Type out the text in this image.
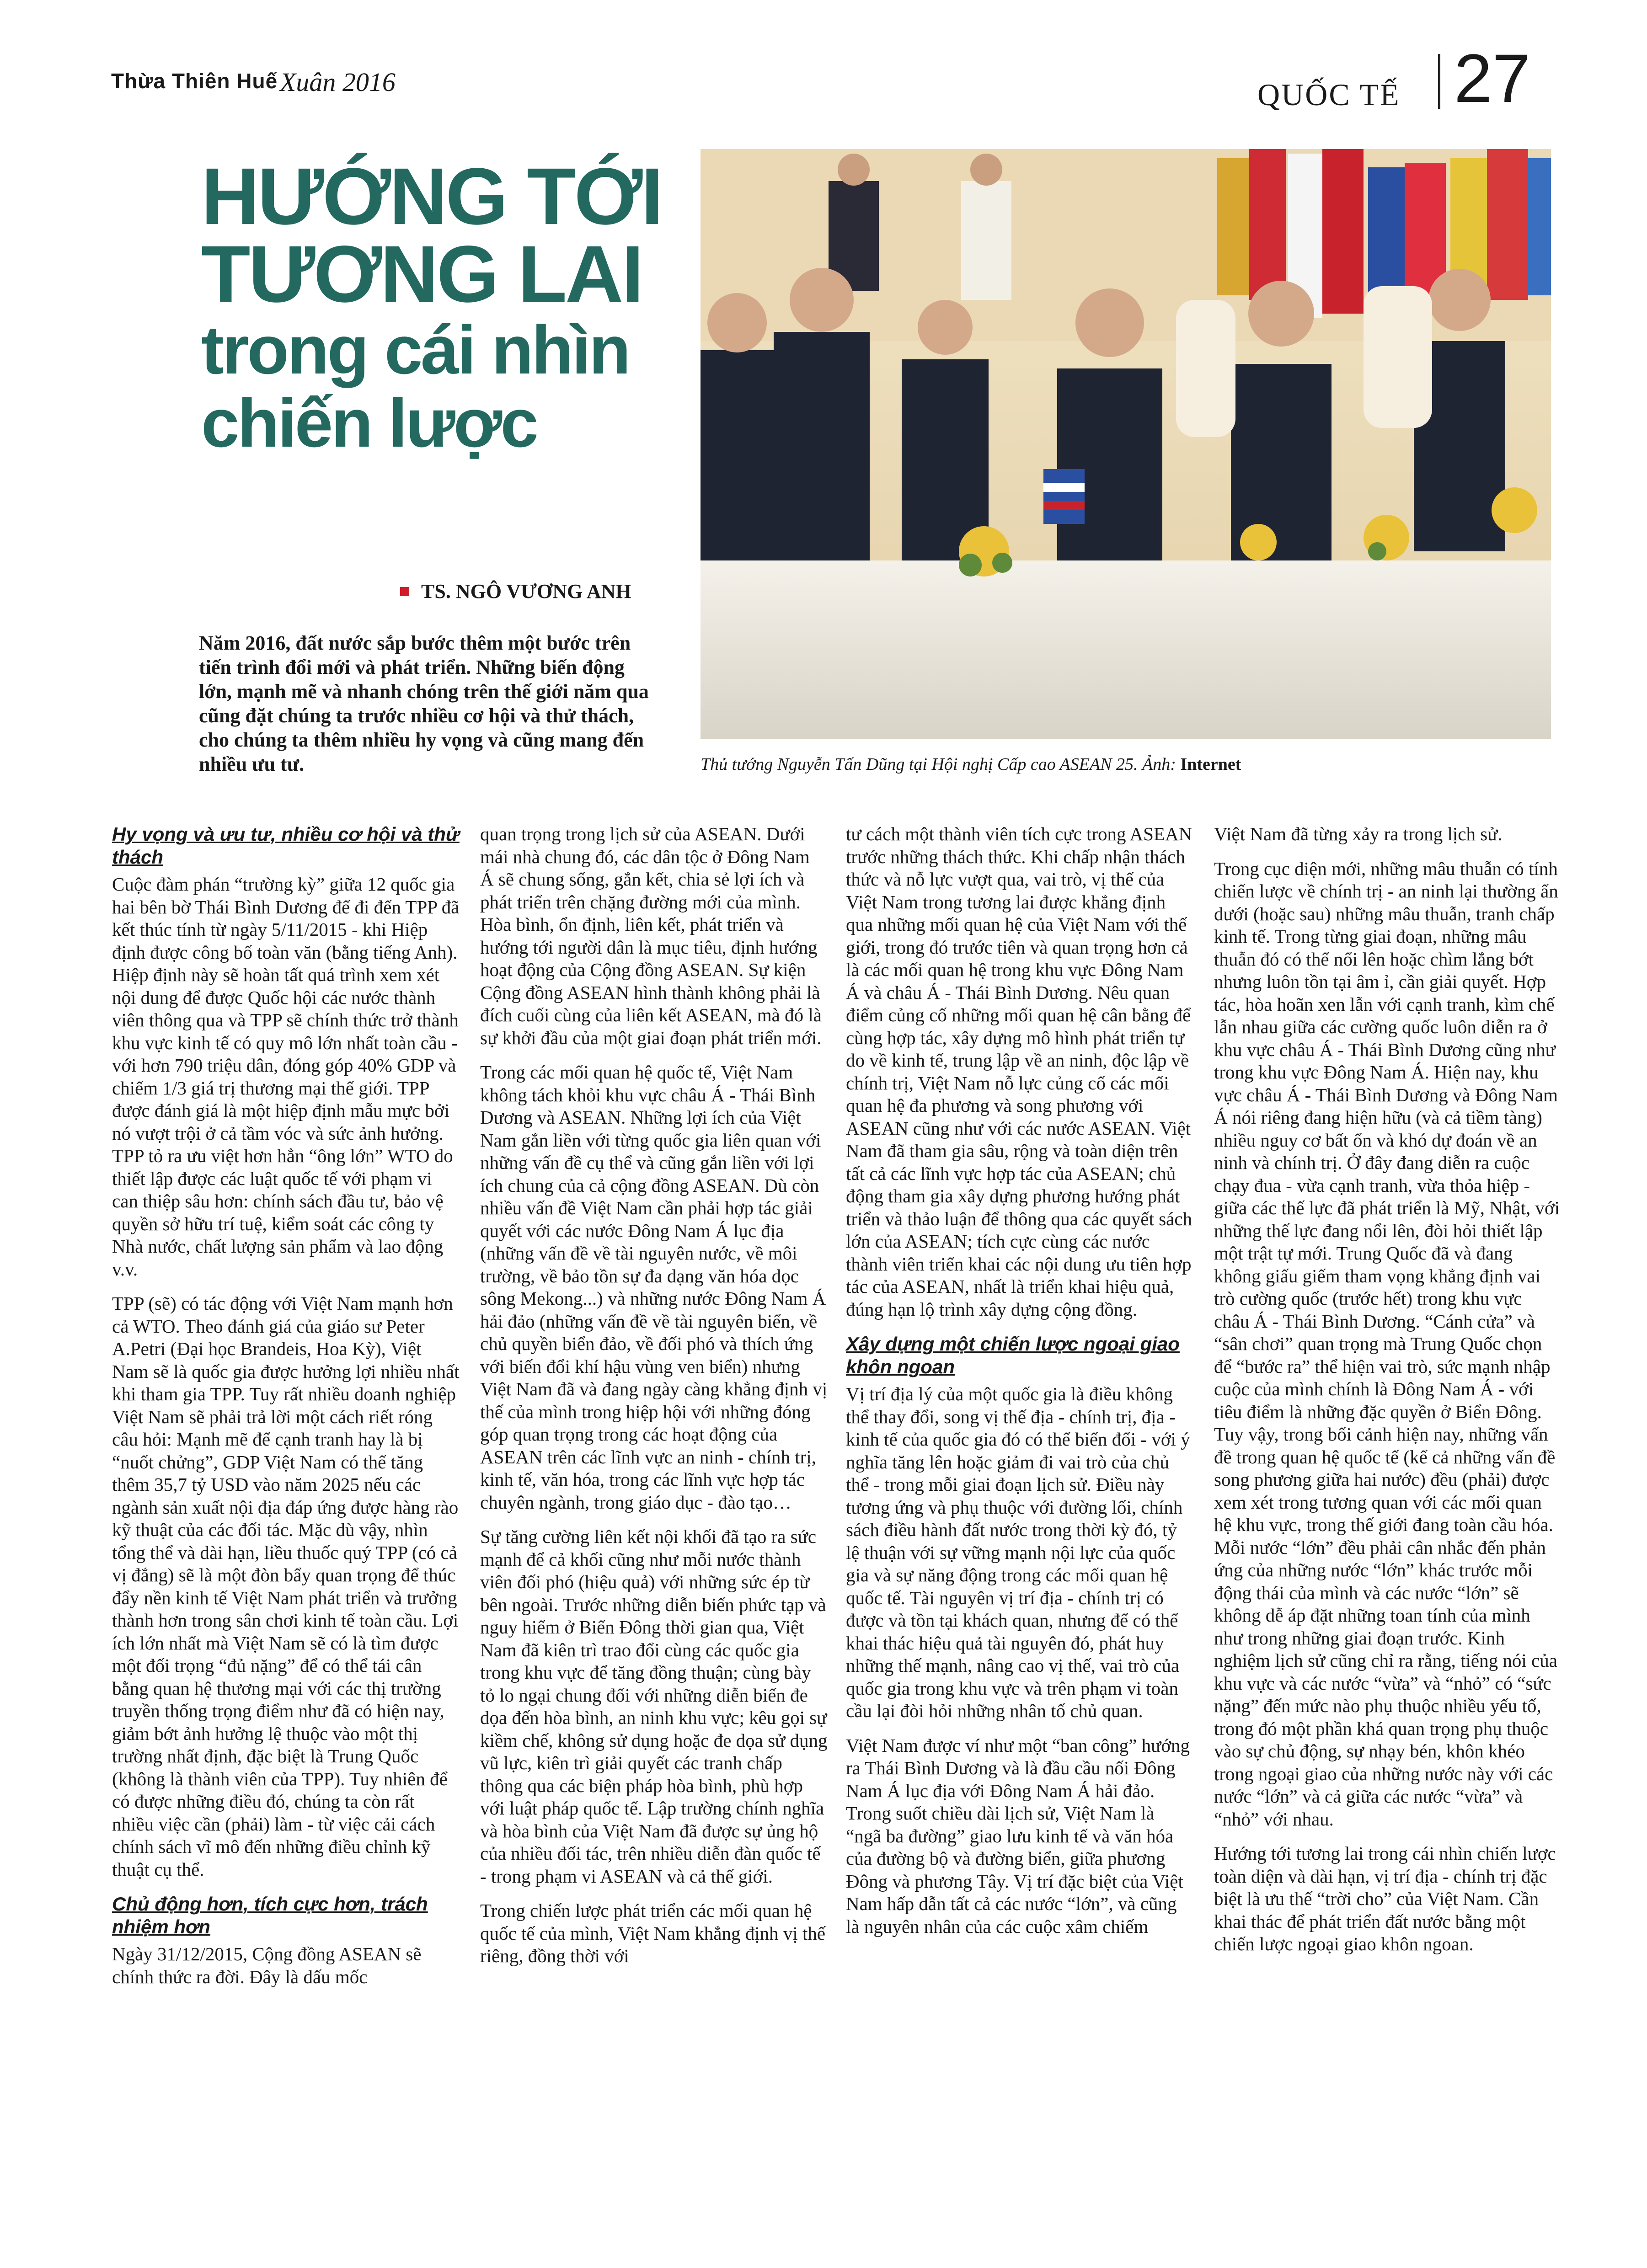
Thừa Thiên Huế Xuân 2016	QUỐC TẾ 27
HƯỚNG TỚI
TƯƠNG LAI
trong cái nhìn
chiến lược
TS. NGÔ VƯƠNG ANH
Năm 2016, đất nước sắp bước thêm một bước trên tiến trình đổi mới và phát triển. Những biến động lớn, mạnh mẽ và nhanh chóng trên thế giới năm qua cũng đặt chúng ta trước nhiều cơ hội và thử thách, cho chúng ta thêm nhiều hy vọng và cũng mang đến nhiều ưu tư.	Thủ tướng Nguyễn Tấn Dũng tại Hội nghị Cấp cao ASEAN 25. Ảnh: Internet
Hy vọng và ưu tư, nhiều cơ hội và thử thách

Cuộc đàm phán “trường kỳ” giữa 12 quốc gia hai bên bờ Thái Bình Dương để đi đến TPP đã kết thúc tính từ ngày 5/11/2015 - khi Hiệp định được công bố toàn văn (bằng tiếng Anh). Hiệp định này sẽ hoàn tất quá trình xem xét nội dung để được Quốc hội các nước thành viên thông qua và TPP sẽ chính thức trở thành khu vực kinh tế có quy mô lớn nhất toàn cầu - với hơn 790 triệu dân, đóng góp 40% GDP và chiếm 1/3 giá trị thương mại thế giới. TPP được đánh giá là một hiệp định mẫu mực bởi nó vượt trội ở cả tầm vóc và sức ảnh hưởng. TPP tỏ ra ưu việt hơn hẳn “ông lớn” WTO do thiết lập được các luật quốc tế với phạm vi can thiệp sâu hơn: chính sách đầu tư, bảo vệ quyền sở hữu trí tuệ, kiểm soát các công ty Nhà nước, chất lượng sản phẩm và lao động v.v.

TPP (sẽ) có tác động với Việt Nam mạnh hơn cả WTO. Theo đánh giá của giáo sư Peter A.Petri (Đại học Brandeis, Hoa Kỳ), Việt Nam sẽ là quốc gia được hưởng lợi nhiều nhất khi tham gia TPP. Tuy rất nhiều doanh nghiệp Việt Nam sẽ phải trả lời một cách riết róng câu hỏi: Mạnh mẽ để cạnh tranh hay là bị “nuốt chửng”, GDP Việt Nam có thể tăng thêm 35,7 tỷ USD vào năm 2025 nếu các ngành sản xuất nội địa đáp ứng được hàng rào kỹ thuật của các đối tác. Mặc dù vậy, nhìn tổng thể và dài hạn, liều thuốc quý TPP (có cả vị đắng) sẽ là một đòn bẩy quan trọng để thúc đẩy nền kinh tế Việt Nam phát triển và trưởng thành hơn trong sân chơi kinh tế toàn cầu. Lợi ích lớn nhất mà Việt Nam sẽ có là tìm được một đối trọng “đủ nặng” để có thể tái cân bằng quan hệ thương mại với các thị trường truyền thống trọng điểm như đã có hiện nay, giảm bớt ảnh hưởng lệ thuộc vào một thị trường nhất định, đặc biệt là Trung Quốc (không là thành viên của TPP). Tuy nhiên để có được những điều đó, chúng ta còn rất nhiều việc cần (phải) làm - từ việc cải cách chính sách vĩ mô đến những điều chỉnh kỹ thuật cụ thể.

Chủ động hơn, tích cực hơn, trách nhiệm hơn

Ngày 31/12/2015, Cộng đồng ASEAN sẽ chính thức ra đời. Đây là dấu mốc

quan trọng trong lịch sử của ASEAN. Dưới mái nhà chung đó, các dân tộc ở Đông Nam Á sẽ chung sống, gắn kết, chia sẻ lợi ích và phát triển trên chặng đường mới của mình. Hòa bình, ổn định, liên kết, phát triển và hướng tới người dân là mục tiêu, định hướng hoạt động của Cộng đồng ASEAN. Sự kiện Cộng đồng ASEAN hình thành không phải là đích cuối cùng của liên kết ASEAN, mà đó là sự khởi đầu của một giai đoạn phát triển mới.

Trong các mối quan hệ quốc tế, Việt Nam không tách khỏi khu vực châu Á - Thái Bình Dương và ASEAN. Những lợi ích của Việt Nam gắn liền với từng quốc gia liên quan với những vấn đề cụ thể và cũng gắn liền với lợi ích chung của cả cộng đồng ASEAN. Dù còn nhiều vấn đề Việt Nam cần phải hợp tác giải quyết với các nước Đông Nam Á lục địa (những vấn đề về tài nguyên nước, về môi trường, về bảo tồn sự đa dạng văn hóa dọc sông Mekong...) và những nước Đông Nam Á hải đảo (những vấn đề về tài nguyên biển, về chủ quyền biển đảo, về đối phó và thích ứng với biến đổi khí hậu vùng ven biển) nhưng Việt Nam đã và đang ngày càng khẳng định vị thế của mình trong hiệp hội với những đóng góp quan trọng trong các hoạt động của ASEAN trên các lĩnh vực an ninh - chính trị, kinh tế, văn hóa, trong các lĩnh vực hợp tác chuyên ngành, trong giáo dục - đào tạo…

Sự tăng cường liên kết nội khối đã tạo ra sức mạnh để cả khối cũng như mỗi nước thành viên đối phó (hiệu quả) với những sức ép từ bên ngoài. Trước những diễn biến phức tạp và nguy hiểm ở Biển Đông thời gian qua, Việt Nam đã kiên trì trao đổi cùng các quốc gia trong khu vực để tăng đồng thuận; cùng bày tỏ lo ngại chung đối với những diễn biến đe dọa đến hòa bình, an ninh khu vực; kêu gọi sự kiềm chế, không sử dụng hoặc đe dọa sử dụng vũ lực, kiên trì giải quyết các tranh chấp thông qua các biện pháp hòa bình, phù hợp với luật pháp quốc tế. Lập trường chính nghĩa và hòa bình của Việt Nam đã được sự ủng hộ của nhiều đối tác, trên nhiều diễn đàn quốc tế - trong phạm vi ASEAN và cả thế giới.

Trong chiến lược phát triển các mối quan hệ quốc tế của mình, Việt Nam khẳng định vị thế riêng, đồng thời với

tư cách một thành viên tích cực trong ASEAN trước những thách thức. Khi chấp nhận thách thức và nỗ lực vượt qua, vai trò, vị thế của Việt Nam trong tương lai được khẳng định qua những mối quan hệ của Việt Nam với thế giới, trong đó trước tiên và quan trọng hơn cả là các mối quan hệ trong khu vực Đông Nam Á và châu Á - Thái Bình Dương. Nêu quan điểm củng cố những mối quan hệ cân bằng để cùng hợp tác, xây dựng mô hình phát triển tự do về kinh tế, trung lập về an ninh, độc lập về chính trị, Việt Nam nỗ lực củng cố các mối quan hệ đa phương và song phương với ASEAN cũng như với các nước ASEAN. Việt Nam đã tham gia sâu, rộng và toàn diện trên tất cả các lĩnh vực hợp tác của ASEAN; chủ động tham gia xây dựng phương hướng phát triển và thảo luận để thông qua các quyết sách lớn của ASEAN; tích cực cùng các nước thành viên triển khai các nội dung ưu tiên hợp tác của ASEAN, nhất là triển khai hiệu quả, đúng hạn lộ trình xây dựng cộng đồng.

Xây dựng một chiến lược ngoại giao khôn ngoan

Vị trí địa lý của một quốc gia là điều không thể thay đổi, song vị thế địa - chính trị, địa - kinh tế của quốc gia đó có thể biến đổi - với ý nghĩa tăng lên hoặc giảm đi vai trò của chủ thể - trong mỗi giai đoạn lịch sử. Điều này tương ứng và phụ thuộc với đường lối, chính sách điều hành đất nước trong thời kỳ đó, tỷ lệ thuận với sự vững mạnh nội lực của quốc gia và sự năng động trong các mối quan hệ quốc tế. Tài nguyên vị trí địa - chính trị có được và tồn tại khách quan, nhưng để có thể khai thác hiệu quả tài nguyên đó, phát huy những thế mạnh, nâng cao vị thế, vai trò của quốc gia trong khu vực và trên phạm vi toàn cầu lại đòi hỏi những nhân tố chủ quan.

Việt Nam được ví như một “ban công” hướng ra Thái Bình Dương và là đầu cầu nối Đông Nam Á lục địa với Đông Nam Á hải đảo. Trong suốt chiều dài lịch sử, Việt Nam là “ngã ba đường” giao lưu kinh tế và văn hóa của đường bộ và đường biển, giữa phương Đông và phương Tây. Vị trí đặc biệt của Việt Nam hấp dẫn tất cả các nước “lớn”, và cũng là nguyên nhân của các cuộc xâm chiếm

Việt Nam đã từng xảy ra trong lịch sử.

Trong cục diện mới, những mâu thuẫn có tính chiến lược về chính trị - an ninh lại thường ẩn dưới (hoặc sau) những mâu thuẫn, tranh chấp kinh tế. Trong từng giai đoạn, những mâu thuẫn đó có thể nổi lên hoặc chìm lắng bớt nhưng luôn tồn tại âm ỉ, cần giải quyết. Hợp tác, hòa hoãn xen lẫn với cạnh tranh, kìm chế lẫn nhau giữa các cường quốc luôn diễn ra ở khu vực châu Á - Thái Bình Dương cũng như trong khu vực Đông Nam Á. Hiện nay, khu vực châu Á - Thái Bình Dương và Đông Nam Á nói riêng đang hiện hữu (và cả tiềm tàng) nhiều nguy cơ bất ổn và khó dự đoán về an ninh và chính trị. Ở đây đang diễn ra cuộc chạy đua - vừa cạnh tranh, vừa thỏa hiệp - giữa các thế lực đã phát triển là Mỹ, Nhật, với những thế lực đang nổi lên, đòi hỏi thiết lập một trật tự mới. Trung Quốc đã và đang không giấu giếm tham vọng khẳng định vai trò cường quốc (trước hết) trong khu vực châu Á - Thái Bình Dương. “Cánh cửa” và “sân chơi” quan trọng mà Trung Quốc chọn để “bước ra” thể hiện vai trò, sức mạnh nhập cuộc của mình chính là Đông Nam Á - với tiêu điểm là những đặc quyền ở Biển Đông. Tuy vậy, trong bối cảnh hiện nay, những vấn đề trong quan hệ quốc tế (kể cả những vấn đề song phương giữa hai nước) đều (phải) được xem xét trong tương quan với các mối quan hệ khu vực, trong thế giới đang toàn cầu hóa. Mỗi nước “lớn” đều phải cân nhắc đến phản ứng của những nước “lớn” khác trước mỗi động thái của mình và các nước “lớn” sẽ không dễ áp đặt những toan tính của mình như trong những giai đoạn trước. Kinh nghiệm lịch sử cũng chỉ ra rằng, tiếng nói của khu vực và các nước “vừa” và “nhỏ” có “sức nặng” đến mức nào phụ thuộc nhiều yếu tố, trong đó một phần khá quan trọng phụ thuộc vào sự chủ động, sự nhạy bén, khôn khéo trong ngoại giao của những nước này với các nước “lớn” và cả giữa các nước “vừa” và “nhỏ” với nhau.

Hướng tới tương lai trong cái nhìn chiến lược toàn diện và dài hạn, vị trí địa - chính trị đặc biệt là ưu thế “trời cho” của Việt Nam. Cần khai thác để phát triển đất nước bằng một chiến lược ngoại giao khôn ngoan.
